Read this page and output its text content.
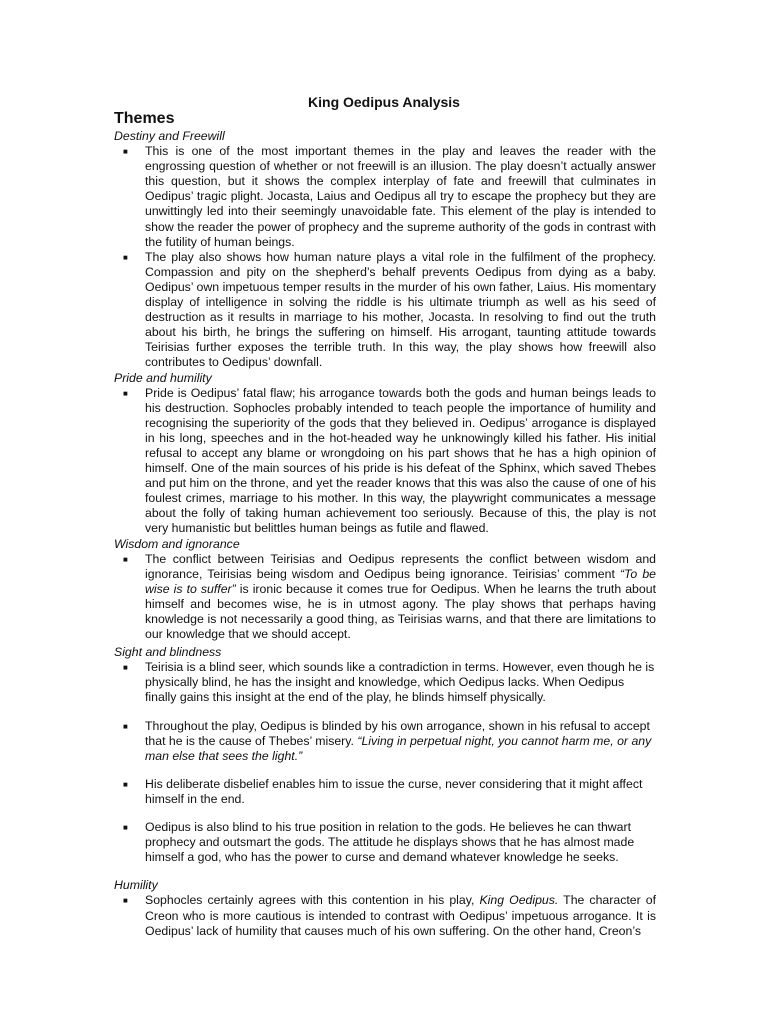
King Oedipus Analysis
Themes

Destiny and Freewill

■ This is one of the most important themes in the play and leaves the reader with the engrossing question of whether or not freewill is an illusion. The play doesn’t actually answer this question, but it shows the complex interplay of fate and freewill that culminates in Oedipus’ tragic plight. Jocasta, Laius and Oedipus all try to escape the prophecy but they are unwittingly led into their seemingly unavoidable fate. This element of the play is intended to show the reader the power of prophecy and the supreme authority of the gods in contrast with the futility of human beings.
■ The play also shows how human nature plays a vital role in the fulfilment of the prophecy. Compassion and pity on the shepherd’s behalf prevents Oedipus from dying as a baby. Oedipus’ own impetuous temper results in the murder of his own father, Laius. His momentary display of intelligence in solving the riddle is his ultimate triumph as well as his seed of destruction as it results in marriage to his mother, Jocasta. In resolving to find out the truth about his birth, he brings the suffering on himself. His arrogant, taunting attitude towards Teirisias further exposes the terrible truth. In this way, the play shows how freewill also contributes to Oedipus’ downfall.

Pride and humility

■ Pride is Oedipus’ fatal flaw; his arrogance towards both the gods and human beings leads to his destruction. Sophocles probably intended to teach people the importance of humility and recognising the superiority of the gods that they believed in. Oedipus’ arrogance is displayed in his long, speeches and in the hot-headed way he unknowingly killed his father. His initial refusal to accept any blame or wrongdoing on his part shows that he has a high opinion of himself. One of the main sources of his pride is his defeat of the Sphinx, which saved Thebes and put him on the throne, and yet the reader knows that this was also the cause of one of his foulest crimes, marriage to his mother. In this way, the playwright communicates a message about the folly of taking human achievement too seriously. Because of this, the play is not very humanistic but belittles human beings as futile and flawed.

Wisdom and ignorance

■ The conflict between Teirisias and Oedipus represents the conflict between wisdom and ignorance, Teirisias being wisdom and Oedipus being ignorance. Teirisias’ comment “To be wise is to suffer” is ironic because it comes true for Oedipus. When he learns the truth about himself and becomes wise, he is in utmost agony. The play shows that perhaps having knowledge is not necessarily a good thing, as Teirisias warns, and that there are limitations to our knowledge that we should accept.

Sight and blindness

■ Teirisia is a blind seer, which sounds like a contradiction in terms. However, even though he is physically blind, he has the insight and knowledge, which Oedipus lacks. When Oedipus finally gains this insight at the end of the play, he blinds himself physically.
■ Throughout the play, Oedipus is blinded by his own arrogance, shown in his refusal to accept that he is the cause of Thebes’ misery. “Living in perpetual night, you cannot harm me, or any man else that sees the light.”
■ His deliberate disbelief enables him to issue the curse, never considering that it might affect himself in the end.
■ Oedipus is also blind to his true position in relation to the gods. He believes he can thwart prophecy and outsmart the gods. The attitude he displays shows that he has almost made himself a god, who has the power to curse and demand whatever knowledge he seeks.

Humility

■ Sophocles certainly agrees with this contention in his play, King Oedipus. The character of Creon who is more cautious is intended to contrast with Oedipus’ impetuous arrogance. It is Oedipus’ lack of humility that causes much of his own suffering. On the other hand, Creon’s
